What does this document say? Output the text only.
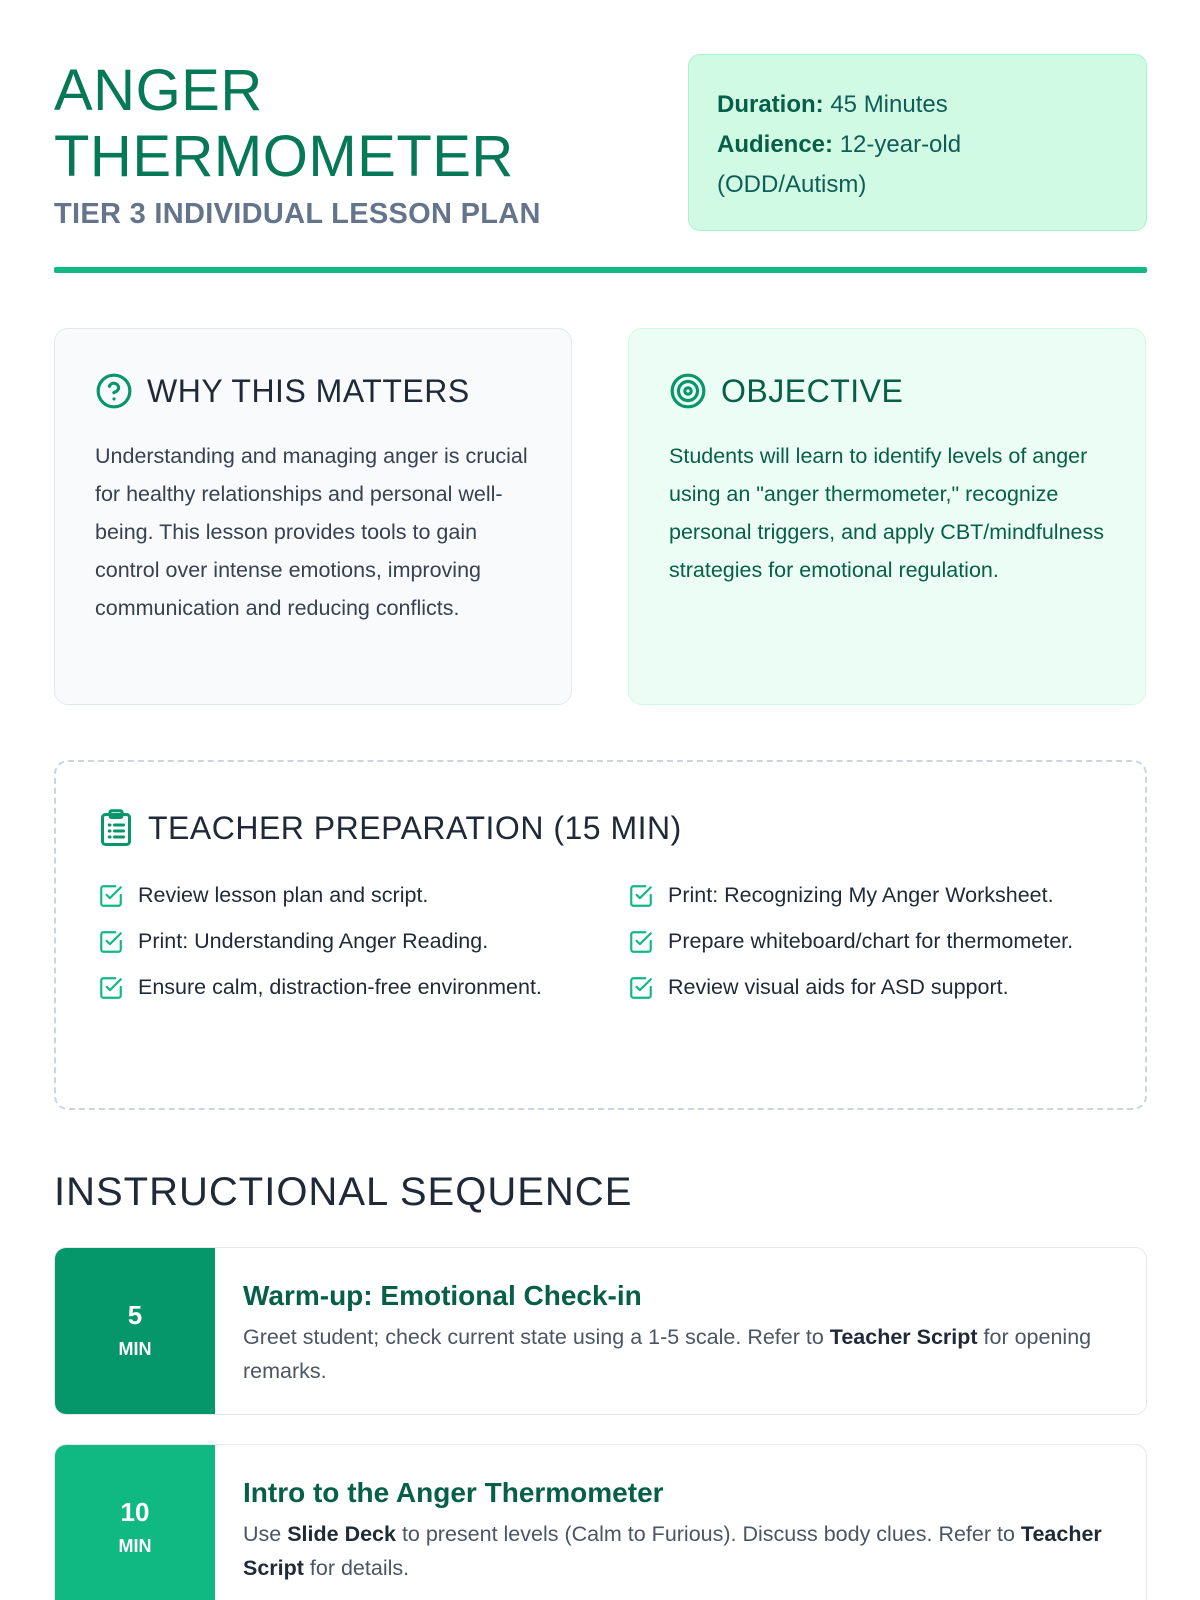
ANGER
THERMOMETER
TIER 3 INDIVIDUAL LESSON PLAN
Duration: 45 Minutes
Audience: 12-year-old
(ODD/Autism)
WHY THIS MATTERS
Understanding and managing anger is crucial for healthy relationships and personal well-being. This lesson provides tools to gain control over intense emotions, improving communication and reducing conflicts.
OBJECTIVE
Students will learn to identify levels of anger using an "anger thermometer," recognize personal triggers, and apply CBT/mindfulness strategies for emotional regulation.
TEACHER PREPARATION (15 MIN)
Review lesson plan and script.	Print: Recognizing My Anger Worksheet.
Print: Understanding Anger Reading.	Prepare whiteboard/chart for thermometer.
Ensure calm, distraction-free environment.	Review visual aids for ASD support.
INSTRUCTIONAL SEQUENCE
5
MIN
Warm-up: Emotional Check-in
Greet student; check current state using a 1-5 scale. Refer to Teacher Script for opening remarks.
10
MIN
Intro to the Anger Thermometer
Use Slide Deck to present levels (Calm to Furious). Discuss body clues. Refer to Teacher Script for details.
